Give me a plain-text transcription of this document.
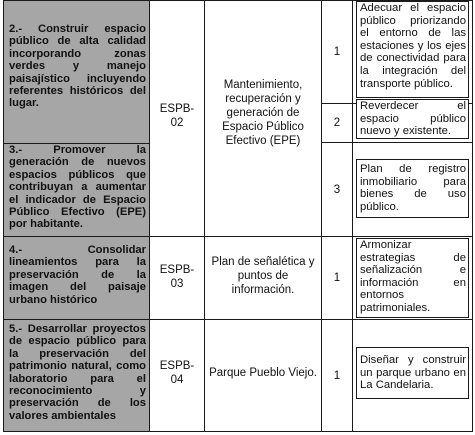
2.- Construir espacio público de alta calidad incorporando zonas verdes y manejo paisajístico incluyendo referentes históricos del lugar.
3.- Promover la generación de nuevos espacios públicos que contribuyan a aumentar el indicador de Espacio Público Efectivo (EPE) por habitante.
4.- Consolidar lineamientos para la preservación de la imagen del paisaje urbano histórico
5.- Desarrollar proyectos de espacio público para la preservación del patrimonio natural, como laboratorio para el reconocimiento y preservación de los valores ambientales
ESPB-02
ESPB-03
ESPB-04
Mantenimiento, recuperación y generación de Espacio Público Efectivo (EPE)
Plan de señalética y puntos de información.
Parque Pueblo Viejo.
1
2
3
1
1
Adecuar el espacio público priorizando el entorno de las estaciones y los ejes de conectividad para la integración del transporte público.
Reverdecer el espacio público nuevo y existente.
Plan de registro inmobiliario para bienes de uso público.
Armonizar estrategias de señalización e información en entornos patrimoniales.
Diseñar y construir un parque urbano en La Candelaria.
